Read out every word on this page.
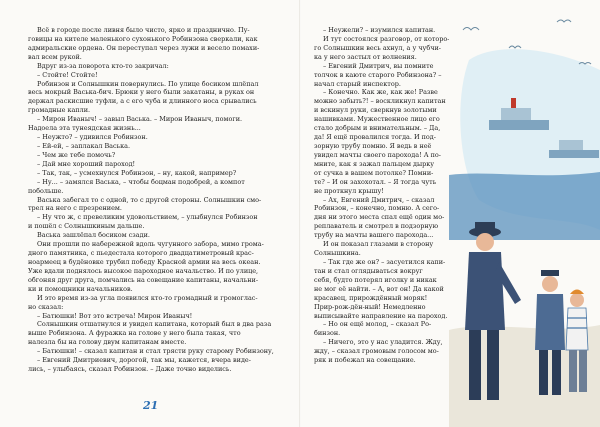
Всё в городе после ливня было чисто, ярко и празднично. Пу-
говицы на кителе маленького сухонького Робинзона сверкали, как
адмиральские ордена. Он переступал через лужи и весело помахи-
вал всем рукой.
Вдруг из-за поворота кто-то закричал:
– Стойте! Стойте!
Робинзон и Солнышкин повернулись. По улице босиком шлёпал
весь мокрый Васька-бич. Брюки у него были закатаны, в руках он
держал раскисшие туфли, а с его чуба и длинного носа срывались
громадные капли.
– Мирон Иваныч! – завыл Васька. – Мирон Иваныч, помоги.
Надоела эта тунеядская жизнь...
– Неужто? – удивился Робинзон.
– Ей-ей, – заплакал Васька.
– Чем же тебе помочь?
– Дай мне хороший пароход!
– Так, так, – усмехнулся Робинзон, – ну, какой, например?
– Ну... – замялся Васька, – чтобы боцман подобрей, а компот
побольше.
Васька забегал то с одной, то с другой стороны. Солнышкин смо-
трел на него с презрением.
– Ну что ж, с превеликим удовольствием, – улыбнулся Робинзон
и пошёл с Солнышкиным дальше.
Васька зашлёпал босиком сзади.
Они прошли по набережной вдоль чугунного забора, мимо грома-
дного памятника, с пьедестала которого двадцатиметровый крас-
ноармеец в будёновке трубил победу Красной армии на весь океан.
Уже вдали поднялось высокое пароходное начальство. И по улице,
обгоняя друг друга, помчались на совещание капитаны, начальни-
ки и помощники начальников.
И это время из-за угла появился кто-то громадный и громоглас-
но сказал:
– Батюшки! Вот это встреча! Мирон Иваныч!
Солнышкин отшатнулся и увидел капитана, который был в два раза
выше Робинзона. А фуражка на голове у него была такая, что
налезла бы на голову двум капитанам вместе.
– Батюшки! – сказал капитан и стал трясти руку старому Робинзону,
– Евгений Дмитриевич, дорогой, так мы, кажется, вчера виде-
лись, – улыбаясь, сказал Робинзон. – Даже точно виделись.
– Неужели? – изумился капитан.
И тут состоялся разговор, от которо-
го Солнышкин весь ахнул, а у чубчи-
ка у него застыл от волнения.
– Евгений Дмитрич, вы помните
толчок в каюте старого Робинзона? –
начал старый инспектор.
– Конечно. Как же, как же! Разве
можно забыть?! – воскликнул капитан
и вскинул руки, сверкнув золотыми
нашивками. Мужественное лицо его
стало добрым и внимательным. – Да,
да! Я ещё провалился тогда. И под-
зорную трубу помню. Я ведь в неё
увидел мачты своего парохода! А по-
мните, как я зажал пальцем дырку
от сучка в вашем потолке? Помни-
те? – И он захохотал. – Я тогда чуть
не проткнул крышу!
– Ах, Евгений Дмитрич, – сказал
Робинзон, – конечно, помню. А сего-
дня ни этого места спал ещё один мо-
реплаватель и смотрел в подзорную
трубу на мачты вашего парохода...
И он показал глазами в сторону
Солнышкина.
– Так где же он? – засуетился капи-
тан и стал оглядываться вокруг
себя, будто потерял иголку и никак
не мог её найти. – А, вот он! Да какой
красавец, прирождённый моряк!
Прир-рож-дён-ный! Немедленно
выписывайте направление на пароход.
– Но он ещё молод, – сказал Ро-
бинзон.
– Ничего, это у нас уладится. Жду,
жду, – сказал громовым голосом мо-
ряк и побежал на совещание.
21
